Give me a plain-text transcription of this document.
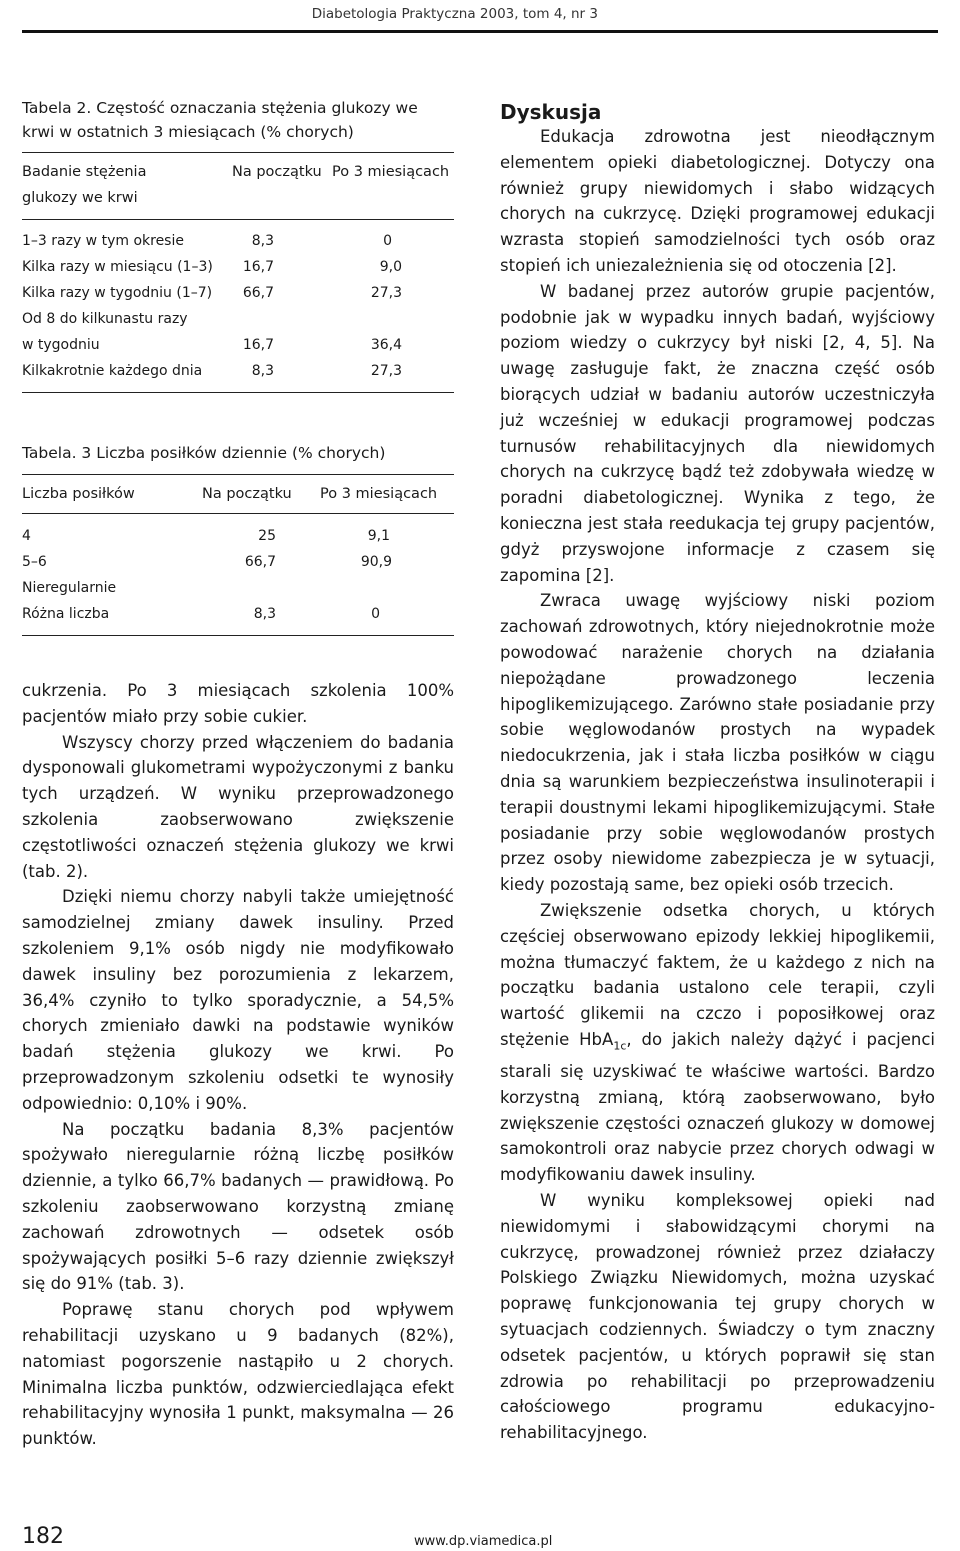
Diabetologia Praktyczna 2003, tom 4, nr 3

Tabela 2. Częstość oznaczania stężenia glukozy we krwi w ostatnich 3 miesiącach (% chorych)

Badanie stężenia
glukozy we krwi
Na początku Po 3 miesiącach
1–3 razy w tym okresie	8,3	0
Kilka razy w miesiącu (1–3) 16,7	9,0
Kilka razy w tygodniu (1–7) 66,7	27,3
Od 8 do kilkunastu razy
w tygodniu	16,7	36,4
Kilkakrotnie każdego dnia	8,3	27,3

Tabela. 3 Liczba posiłków dziennie (% chorych)

Liczba posiłków	Na początku Po 3 miesiącach
4	25	9,1
5–6	66,7	90,9
Nieregularnie
Różna liczba	8,3	0

cukrzenia. Po 3 miesiącach szkolenia 100% pacjentów miało przy sobie cukier.

Wszyscy chorzy przed włączeniem do badania dysponowali glukometrami wypożyczonymi z banku tych urządzeń. W wyniku przeprowadzonego szkolenia zaobserwowano zwiększenie częstotliwości oznaczeń stężenia glukozy we krwi (tab. 2).

Dzięki niemu chorzy nabyli także umiejętność samodzielnej zmiany dawek insuliny. Przed szkoleniem 9,1% osób nigdy nie modyfikowało dawek insuliny bez porozumienia z lekarzem, 36,4% czyniło to tylko sporadycznie, a 54,5% chorych zmieniało dawki na podstawie wyników badań stężenia glukozy we krwi. Po przeprowadzonym szkoleniu odsetki te wynosiły odpowiednio: 0,10% i 90%.

Na początku badania 8,3% pacjentów spożywało nieregularnie różną liczbę posiłków dziennie, a tylko 66,7% badanych — prawidłową. Po szkoleniu zaobserwowano korzystną zmianę zachowań zdrowotnych — odsetek osób spożywających posiłki 5–6 razy dziennie zwiększył się do 91% (tab. 3).

Poprawę stanu chorych pod wpływem rehabilitacji uzyskano u 9 badanych (82%), natomiast pogorszenie nastąpiło u 2 chorych. Minimalna liczba punktów, odzwierciedlająca efekt rehabilitacyjny wynosiła 1 punkt, maksymalna — 26 punktów.

Dyskusja

Edukacja zdrowotna jest nieodłącznym elementem opieki diabetologicznej. Dotyczy ona również grupy niewidomych i słabo widzących chorych na cukrzycę. Dzięki programowej edukacji wzrasta stopień samodzielności tych osób oraz stopień ich uniezależnienia się od otoczenia [2].

W badanej przez autorów grupie pacjentów, podobnie jak w wypadku innych badań, wyjściowy poziom wiedzy o cukrzycy był niski [2, 4, 5]. Na uwagę zasługuje fakt, że znaczna część osób biorących udział w badaniu autorów uczestniczyła już wcześniej w edukacji programowej podczas turnusów rehabilitacyjnych dla niewidomych chorych na cukrzycę bądź też zdobywała wiedzę w poradni diabetologicznej. Wynika z tego, że konieczna jest stała reedukacja tej grupy pacjentów, gdyż przyswojone informacje z czasem się zapomina [2].

Zwraca uwagę wyjściowy niski poziom zachowań zdrowotnych, który niejednokrotnie może powodować narażenie chorych na działania niepożądane prowadzonego leczenia hipoglikemizującego. Zarówno stałe posiadanie przy sobie węglowodanów prostych na wypadek niedocukrzenia, jak i stała liczba posiłków w ciągu dnia są warunkiem bezpieczeństwa insulinoterapii i terapii doustnymi lekami hipoglikemizującymi. Stałe posiadanie przy sobie węglowodanów prostych przez osoby niewidome zabezpiecza je w sytuacji, kiedy pozostają same, bez opieki osób trzecich.

Zwiększenie odsetka chorych, u których częściej obserwowano epizody lekkiej hipoglikemii, można tłumaczyć faktem, że u każdego z nich na początku badania ustalono cele terapii, czyli wartość glikemii na czczo i poposiłkowej oraz stężenie HbA$_{1c}$, do jakich należy dążyć i pacjenci starali się uzyskiwać te właściwe wartości. Bardzo korzystną zmianą, którą zaobserwowano, było zwiększenie częstości oznaczeń glukozy w domowej samokontroli oraz nabycie przez chorych odwagi w modyfikowaniu dawek insuliny.

W wyniku kompleksowej opieki nad niewidomymi i słabowidzącymi chorymi na cukrzycę, prowadzonej również przez działaczy Polskiego Związku Niewidomych, można uzyskać poprawę funkcjonowania tej grupy chorych w sytuacjach codziennych. Świadczy o tym znaczny odsetek pacjentów, u których poprawił się stan zdrowia po rehabilitacji po przeprowadzeniu całościowego programu edukacyjno-rehabilitacyjnego.

182	www.dp.viamedica.pl
